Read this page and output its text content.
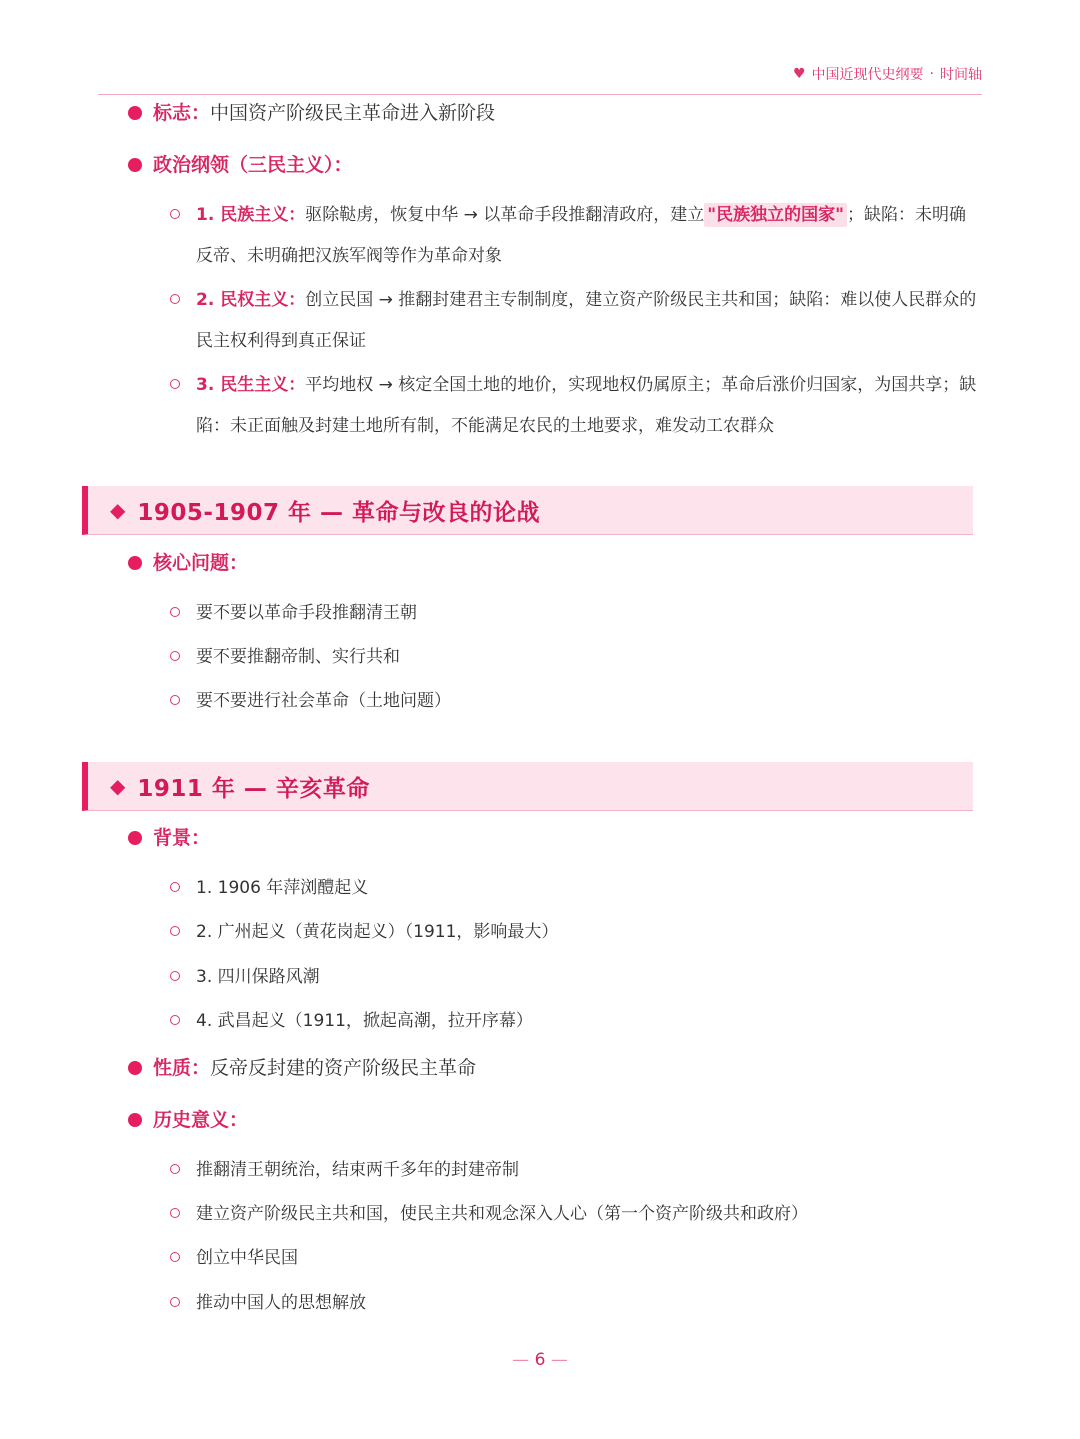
♥ 中国近现代史纲要 · 时间轴
标志： 中国资产阶级民主革命进入新阶段
政治纲领（三民主义）：
1. 民族主义：驱除鞑虏，恢复中华 → 以革命手段推翻清政府，建立 "民族独立的国家" ；缺陷：未明确反帝、未明确把汉族军阀等作为革命对象
2. 民权主义：创立民国 → 推翻封建君主专制制度，建立资产阶级民主共和国；缺陷：难以使人民群众的民主权利得到真正保证
3. 民生主义：平均地权 → 核定全国土地的地价，实现地权仍属原主；革命后涨价归国家，为国共享；缺陷：未正面触及封建土地所有制，不能满足农民的土地要求，难发动工农群众
◆ 1905-1907 年 — 革命与改良的论战
核心问题：
要不要以革命手段推翻清王朝
要不要推翻帝制、实行共和
要不要进行社会革命（土地问题）
◆ 1911 年 — 辛亥革命
背景：
1. 1906 年萍浏醴起义
2. 广州起义（黄花岗起义）（1911，影响最大）
3. 四川保路风潮
4. 武昌起义（1911，掀起高潮，拉开序幕）
性质： 反帝反封建的资产阶级民主革命
历史意义：
推翻清王朝统治，结束两千多年的封建帝制
建立资产阶级民主共和国，使民主共和观念深入人心（第一个资产阶级共和政府）
创立中华民国
推动中国人的思想解放
— 6 —
